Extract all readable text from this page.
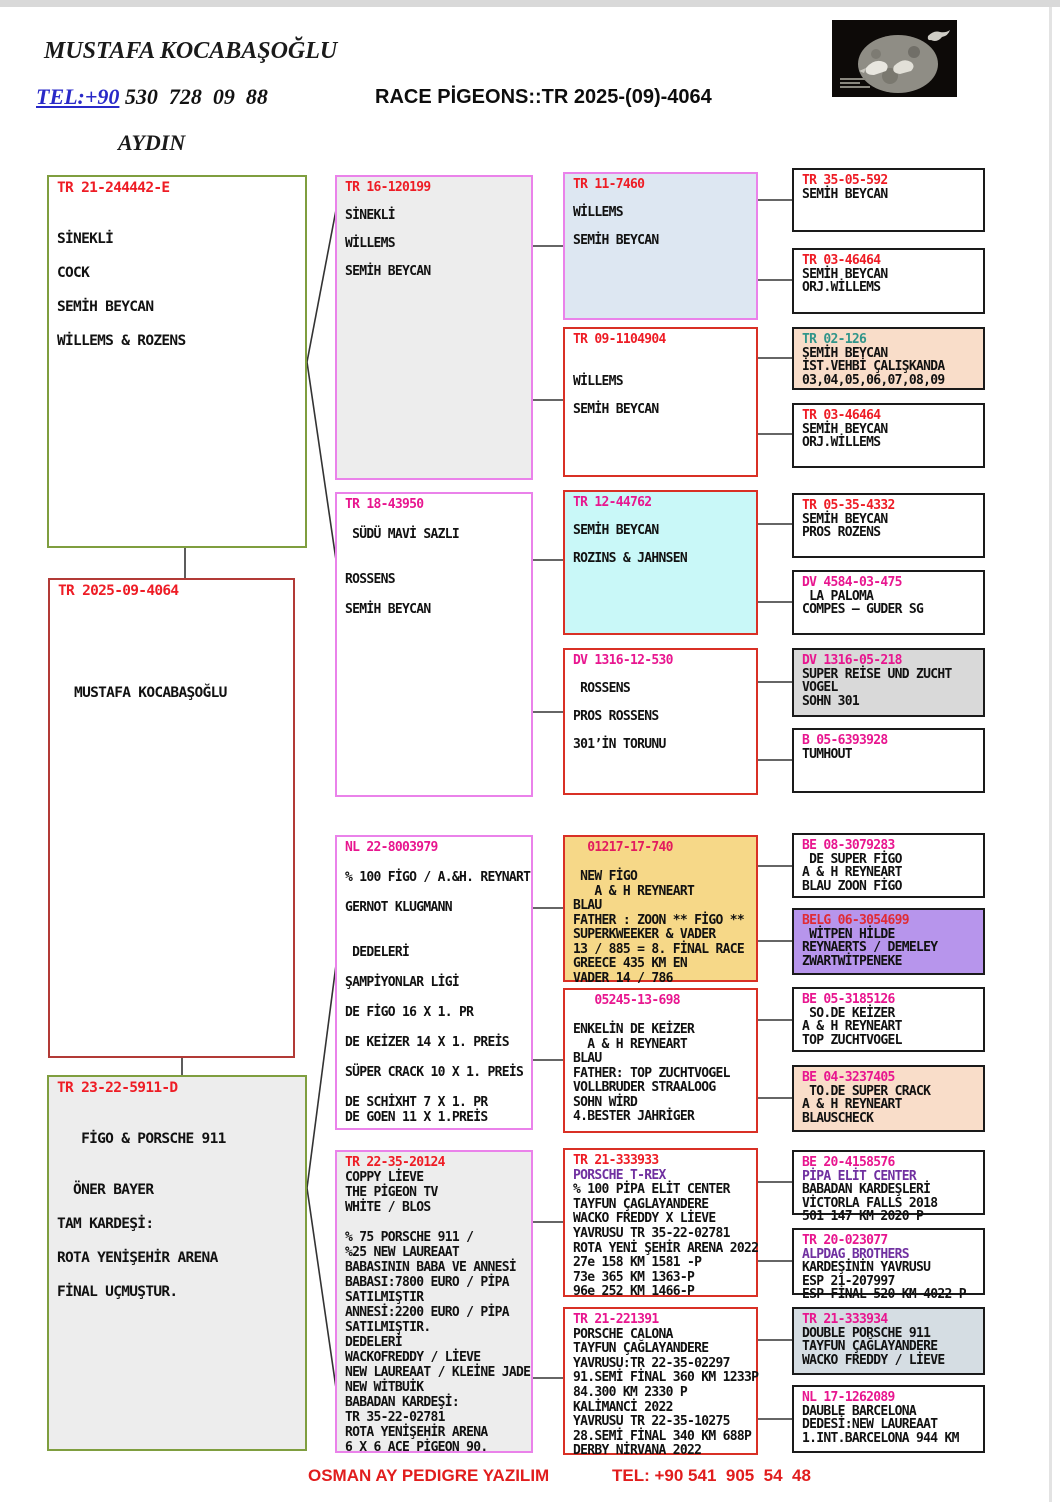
MUSTAFA KOCABAŞOĞLU
TEL:+90 530  728  09  88
AYDIN
RACE PİGEONS::TR 2025-(09)-4064
TR 21-244442-E
SİNEKLİ
COCK
SEMİH BEYCAN
WİLLEMS & ROZENS
TR 2025-09-4064
MUSTAFA KOCABAŞOĞLU
TR 23-22-5911-D
FİGO & PORSCHE 911
ÖNER BAYER
TAM KARDEŞİ:
ROTA YENİŞEHİR ARENA
FİNAL UÇMUŞTUR.
TR 16-120199
SİNEKLİ
WİLLEMS
SEMİH BEYCAN
TR 18-43950
SÜDÜ MAVİ SAZLI
ROSSENS
SEMİH BEYCAN
NL 22-8003979
% 100 FİGO / A.&H. REYNART
GERNOT KLUGMANN
DEDELERİ
ŞAMPİYONLAR LİGİ
DE FİGO 16 X 1. PR
DE KEİZER 14 X 1. PREİS
SÜPER CRACK 10 X 1. PREİS
DE SCHİXHT 7 X 1. PR
DE GOEN 11 X 1.PREİS
TR 22-35-20124
COPPY LİEVE
THE PİGEON TV
WHİTE / BLOS
% 75 PORSCHE 911 /
%25 NEW LAUREAAT
BABASININ BABA VE ANNESİ
BABASI:7800 EURO / PİPA
SATILMIŞTIR
ANNESİ:2200 EURO / PİPA
SATILMIŞTIR.
DEDELERİ
WACKOFREDDY / LİEVE
NEW LAUREAAT / KLEİNE JADE
NEW WİTBUİK
BABADAN KARDEŞİ:
TR 35-22-02781
ROTA YENİŞEHİR ARENA
6 X 6 ACE PİGEON 90.
TR 11-7460
WİLLEMS
SEMİH BEYCAN
TR 09-1104904
WİLLEMS
SEMİH BEYCAN
TR 12-44762
SEMİH BEYCAN
ROZINS & JAHNSEN
DV 1316-12-530
ROSSENS
PROS ROSSENS
301’İN TORUNU
01217-17-740
NEW FİGO
A & H REYNEART
BLAU
FATHER : ZOON ** FİGO **
SUPERKWEEKER & VADER
13 / 885 = 8. FİNAL RACE
GREECE 435 KM EN
VADER 14 / 786
05245-13-698
ENKELİN DE KEİZER
A & H REYNEART
BLAU
FATHER: TOP ZUCHTVOGEL
VOLLBRUDER STRAALOOG
SOHN WİRD
4.BESTER JAHRİGER
TR 21-333933
PORSCHE T-REX
% 100 PİPA ELİT CENTER
TAYFUN ÇAGLAYANDERE
WACKO FREDDY X LİEVE
YAVRUSU TR 35-22-02781
ROTA YENİ ŞEHİR ARENA 2022
27e 158 KM 1581 -P
73e 365 KM 1363-P
96e 252 KM 1466-P
TR 21-221391
PORSCHE CALONA
TAYFUN ÇAĞLAYANDERE
YAVRUSU:TR 22-35-02297
91.SEMİ FİNAL 360 KM 1233P
84.300 KM 2330 P
KALİMANCİ 2022
YAVRUSU TR 22-35-10275
28.SEMİ FİNAL 340 KM 688P
DERBY NİRVANA 2022
TR 35-05-592
SEMİH BEYCAN
TR 03-46464
SEMİH BEYCAN
ORJ.WİLLEMS
TR 02-126
SEMİH BEYCAN
İST.VEHBİ ÇALIŞKANDA
03,04,05,06,07,08,09
TR 03-46464
SEMİH BEYCAN
ORJ.WİLLEMS
TR 05-35-4332
SEMİH BEYCAN
PROS ROZENS
DV 4584-03-475
LA PALOMA
COMPES – GUDER SG
DV 1316-05-218
SUPER REİSE UND ZUCHT
VOGEL
SOHN 301
B 05-6393928
TUMHOUT
BE 08-3079283
DE SUPER FİGO
A & H REYNEART
BLAU ZOON FİGO
BELG 06-3054699
WİTPEN HİLDE
REYNAERTS / DEMELEY
ZWARTWİTPENEKE
BE 05-3185126
SO.DE KEİZER
A & H REYNEART
TOP ZUCHTVOGEL
BE 04-3237405
TO.DE SUPER CRACK
A & H REYNEART
BLAUSCHECK
BE 20-4158576
PİPA ELİT CENTER
BABADAN KARDEŞLERİ
VİCTORLA FALLS 2018
501 147 KM 2020 P
TR 20-023077
ALPDAG BROTHERS
KARDEŞİNİN YAVRUSU
ESP 21-207997
ESP FİNAL 520 KM 4022 P
TR 21-333934
DOUBLE PORSCHE 911
TAYFUN ÇAĞLAYANDERE
WACKO FREDDY / LİEVE
NL 17-1262089
DAUBLE BARCELONA
DEDESİ:NEW LAUREAAT
1.INT.BARCELONA 944 KM
OSMAN AY PEDIGRE YAZILIM	TEL: +90 541  905  54  48
